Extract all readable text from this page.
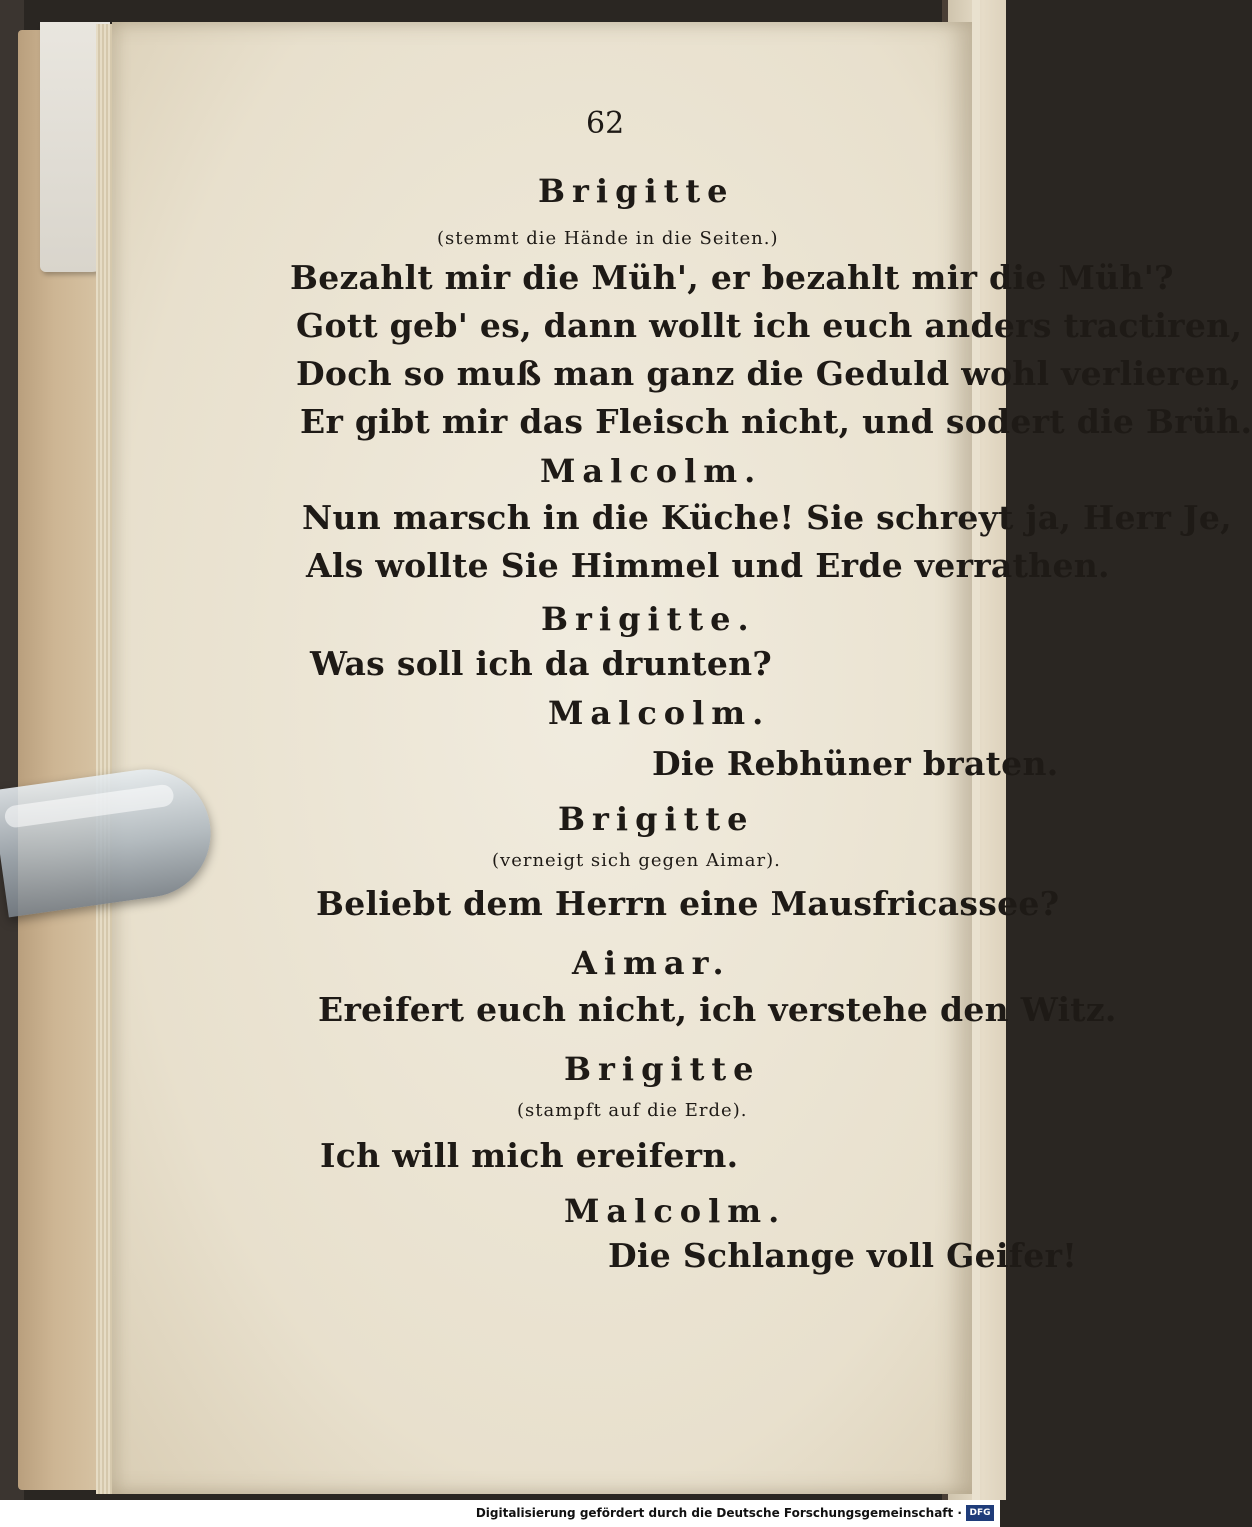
62

Brigitte

(stemmt die Hände in die Seiten.)

Bezahlt mir die Müh', er bezahlt mir die Müh'?

Gott geb' es, dann wollt ich euch anders tractiren,

Doch so muß man ganz die Geduld wohl verlieren,

Er gibt mir das Fleisch nicht, und sodert die Brüh.

Malcolm.

Nun marsch in die Küche! Sie schreyt ja, Herr Je,

Als wollte Sie Himmel und Erde verrathen.

Brigitte.

Was soll ich da drunten?

Malcolm.

Die Rebhüner braten.

Brigitte

(verneigt sich gegen Aimar).

Beliebt dem Herrn eine Mausfricassee?

Aimar.

Ereifert euch nicht, ich verstehe den Witz.

Brigitte

(stampft auf die Erde).

Ich will mich ereifern.

Malcolm.

Die Schlange voll Geifer!

Digitalisierung gefördert durch die Deutsche Forschungsgemeinschaft · DFG
